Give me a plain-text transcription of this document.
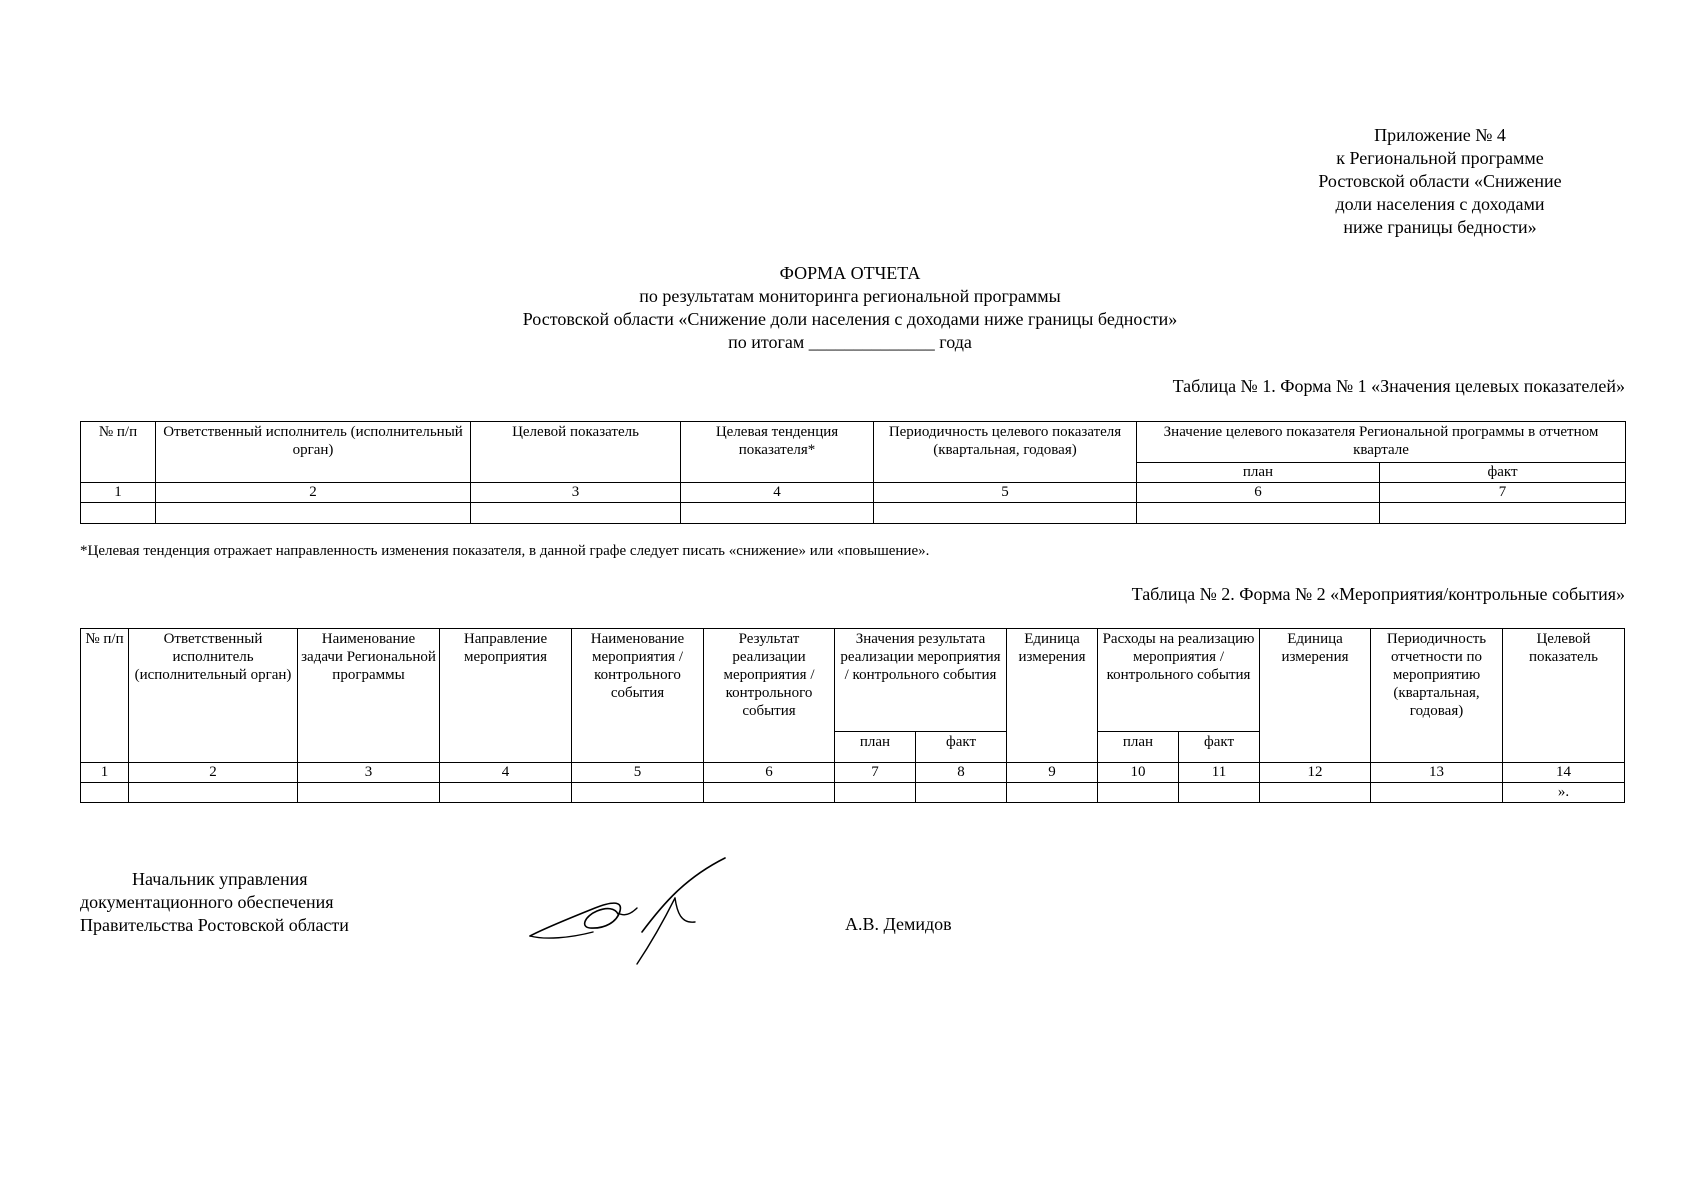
Приложение № 4
к Региональной программе
Ростовской области «Снижение
доли населения с доходами
ниже границы бедности»
ФОРМА ОТЧЕТА
по результатам мониторинга региональной программы
Ростовской области «Снижение доли населения с доходами ниже границы бедности»
по итогам ______________ года
Таблица № 1. Форма № 1 «Значения целевых показателей»
№ п/п	Ответственный исполнитель (исполнительный орган)	Целевой показатель	Целевая тенденция показателя*	Периодичность целевого показателя (квартальная, годовая)	Значение целевого показателя Региональной программы в отчетном квартале	
					план	факт
1	2	3	4	5	6	7

*Целевая тенденция отражает направленность изменения показателя, в данной графе следует писать «снижение» или «повышение».
Таблица № 2. Форма № 2 «Мероприятия/контрольные события»
№ п/п	Ответственный исполнитель (исполнительный орган)	Наименование задачи Региональной программы	Направление мероприятия	Наименование мероприятия / контрольного события	Результат реализации мероприятия / контрольного события	Значения результата реализации мероприятия / контрольного события		Единица измерения	Расходы на реализацию мероприятия / контрольного события		Единица измерения	Периодичность отчетности по мероприятию (квартальная, годовая)	Целевой показатель
						план	факт		план	факт			
1	2	3	4	5	6	7	8	9	10	11	12	13	14
													».
Начальник управления
документационного обеспечения
Правительства Ростовской области	А.В. Демидов
